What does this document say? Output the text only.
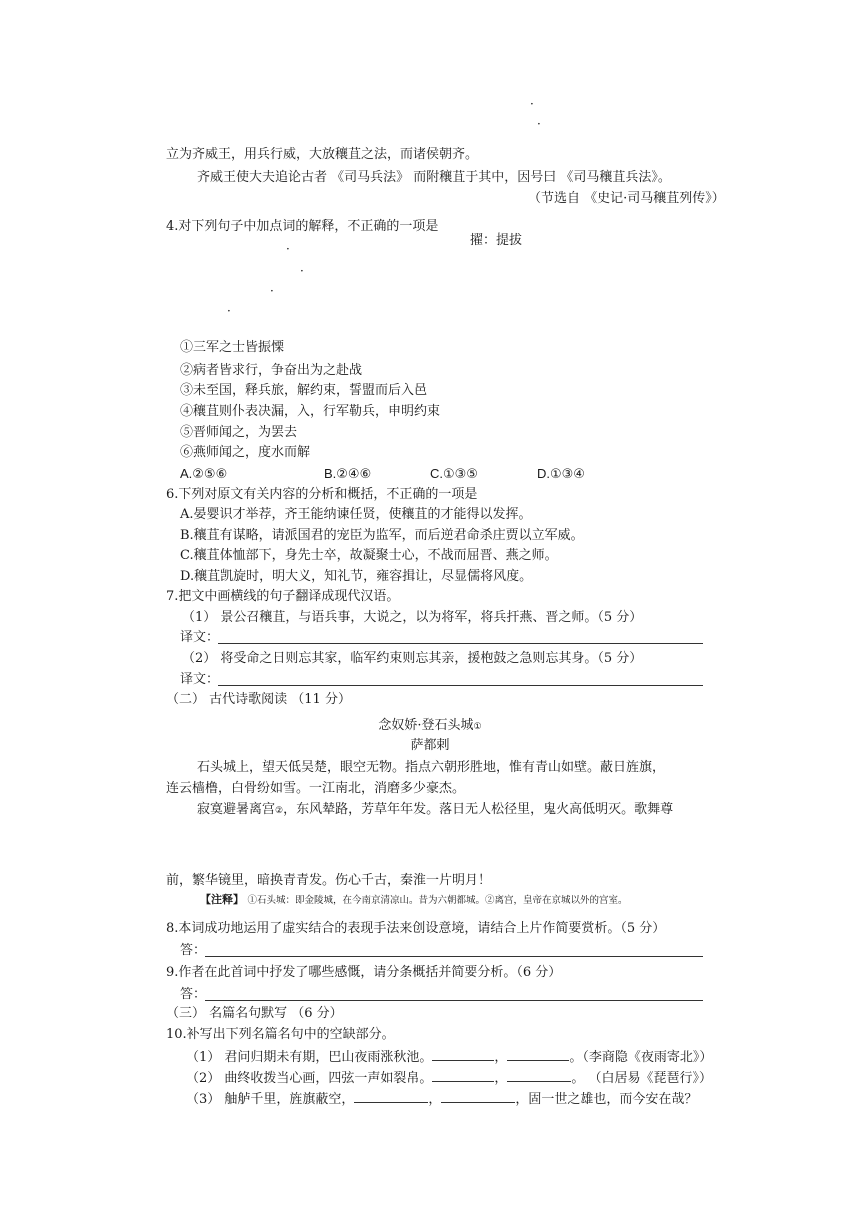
·
·
立为齐威王，用兵行威，大放穰苴之法，而诸侯朝齐。
齐威王使大夫追论古者 《司马兵法》 而附穰苴于其中，因号曰 《司马穰苴兵法》。
（节选自 《史记·司马穰苴列传》）
4.对下列句子中加点词的解释，不正确的一项是
擢：提拔
·
·
·
·
①三军之士皆振慄
②病者皆求行，争奋出为之赴战
③未至国，释兵旅，解约束，誓盟而后入邑
④穰苴则仆表决漏，入，行军勒兵，申明约束
⑤晋师闻之，为罢去
⑥燕师闻之，度水而解
A.②⑤⑥	B.②④⑥	C.①③⑤	D.①③④
6.下列对原文有关内容的分析和概括，不正确的一项是
A.晏婴识才举荐，齐王能纳谏任贤，使穰苴的才能得以发挥。
B.穰苴有谋略，请派国君的宠臣为监军，而后逆君命杀庄贾以立军威。
C.穰苴体恤部下，身先士卒，故凝聚士心，不战而屈晋、燕之师。
D.穰苴凯旋时，明大义，知礼节，雍容揖让，尽显儒将风度。
7.把文中画横线的句子翻译成现代汉语。
（1） 景公召穰苴，与语兵事，大说之，以为将军，将兵扞燕、晋之师。（5 分）
译文：
（2） 将受命之日则忘其家，临军约束则忘其亲，援枹鼓之急则忘其身。（5 分）
译文：
（二） 古代诗歌阅读 （11 分）
念奴娇·登石头城①
萨都剌
石头城上，望天低吴楚，眼空无物。指点六朝形胜地，惟有青山如壁。蔽日旌旗，
连云樯橹，白骨纷如雪。一江南北，消磨多少豪杰。
寂寞避暑离宫②，东风辇路，芳草年年发。落日无人松径里，鬼火高低明灭。歌舞尊
前，繁华镜里，暗换青青发。伤心千古，秦淮一片明月！
【注释】 ①石头城：即金陵城，在今南京清凉山。昔为六朝都城。②离宫，皇帝在京城以外的宫室。
8.本词成功地运用了虚实结合的表现手法来创设意境，请结合上片作简要赏析。（5 分）
答：
9.作者在此首词中抒发了哪些感慨，请分条概括并简要分析。（6 分）
答：
（三） 名篇名句默写 （6 分）
10.补写出下列名篇名句中的空缺部分。
（1） 君问归期未有期，巴山夜雨涨秋池。	，	。（李商隐《夜雨寄北》）
（2） 曲终收拨当心画，四弦一声如裂帛。	，	。 （白居易《琵琶行》）
（3） 舳舻千里，旌旗蔽空，	，	，固一世之雄也，而今安在哉？
